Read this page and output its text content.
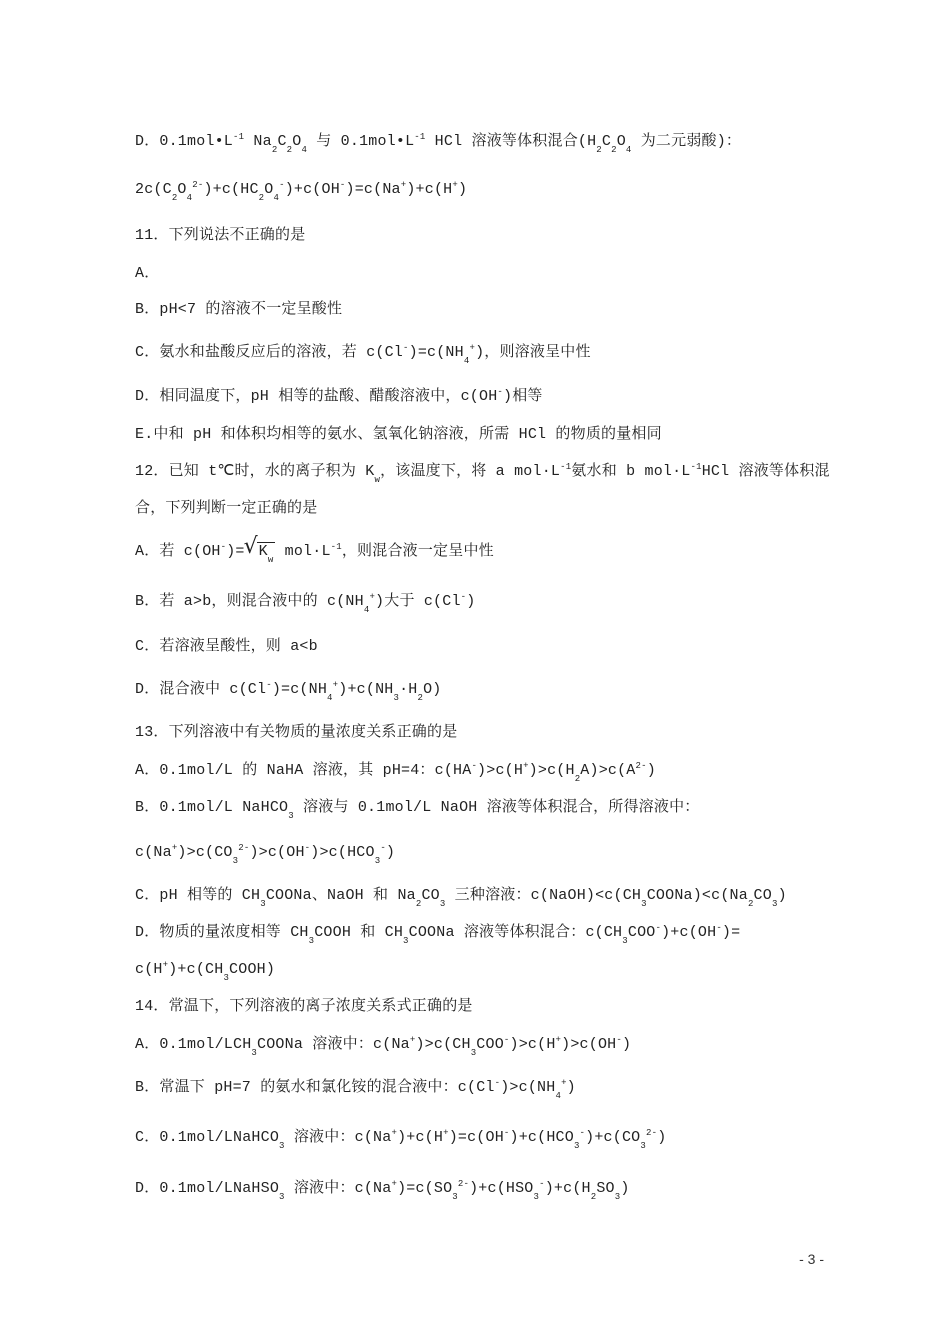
D．$0.1mol•L^{-1}$ $Na_2C_2O_4$ 与 $0.1mol•L^{-1}$ HCl 溶液等体积混合($H_2C_2O_4$ 为二元弱酸)：
$2c(C_2O_4^{2-})+c(HC_2O_4^-)+c(OH^-)=c(Na^+)+c(H^+)$
11．下列说法不正确的是
A．
B．pH<7 的溶液不一定呈酸性
C．氨水和盐酸反应后的溶液，若 $c(Cl^-)=c(NH_4^+)$，则溶液呈中性
D．相同温度下，pH 相等的盐酸、醋酸溶液中，c(OH-)相等
E.中和 pH 和体积均相等的氨水、氢氧化钠溶液，所需 HCl 的物质的量相同
12．已知 t℃时，水的离子积为 $K_w$，该温度下，将 a $mol\cdot L^{-1}$氨水和 b $mol\cdot L^{-1}HCl$ 溶液等体积混
合，下列判断一定正确的是
A．若 c(OH-)=√ $K_w$ $mol\cdot L^{-1}$，则混合液一定呈中性
B．若 a>b，则混合液中的 $c(NH_4^+)$大于 c(Cl-)
C．若溶液呈酸性，则 a<b
D．混合液中 $c(Cl^-)=c(NH_4^+)+c(NH_3\cdot H_2O)$
13．下列溶液中有关物质的量浓度关系正确的是
A．0.1mol/L 的 NaHA 溶液，其 pH=4：$c(HA^-)>c(H^+)>c(H_2A)>c(A^{2-})$
B．0.1mol/L NaHCO$_3$ 溶液与 0.1mol/L NaOH 溶液等体积混合，所得溶液中：
$c(Na^+)>c(CO_3^{2-})>c(OH^-)>c(HCO_3^-)$
C．pH 相等的 $CH_3COONa$、NaOH 和 $Na_2CO_3$ 三种溶液：$c(NaOH)<c(CH_3COONa)<c(Na_2CO_3)$
D．物质的量浓度相等 $CH_3COOH$ 和 $CH_3COONa$ 溶液等体积混合：$c(CH_3COO^-)+c(OH^-)=$
$c(H^+)+c(CH_3COOH)$
14．常温下，下列溶液的离子浓度关系式正确的是
A．$0.1mol/LCH_3COONa$ 溶液中：$c(Na^+)>c(CH_3COO^-)>c(H^+)>c(OH^-)$
B．常温下 pH=7 的氨水和氯化铵的混合液中：$c(Cl^-)>c(NH_4^+)$
C．0.1mol/LNaHCO$_3$ 溶液中：$c(Na^+)+c(H^+)=c(OH^-)+c(HCO_3^-)+c(CO_3^{2-})$
D．0.1mol/LNaHSO$_3$ 溶液中：$c(Na^+)=c(SO_3^{2-})+c(HSO_3^-)+c(H_2SO_3)$
- 3 -
